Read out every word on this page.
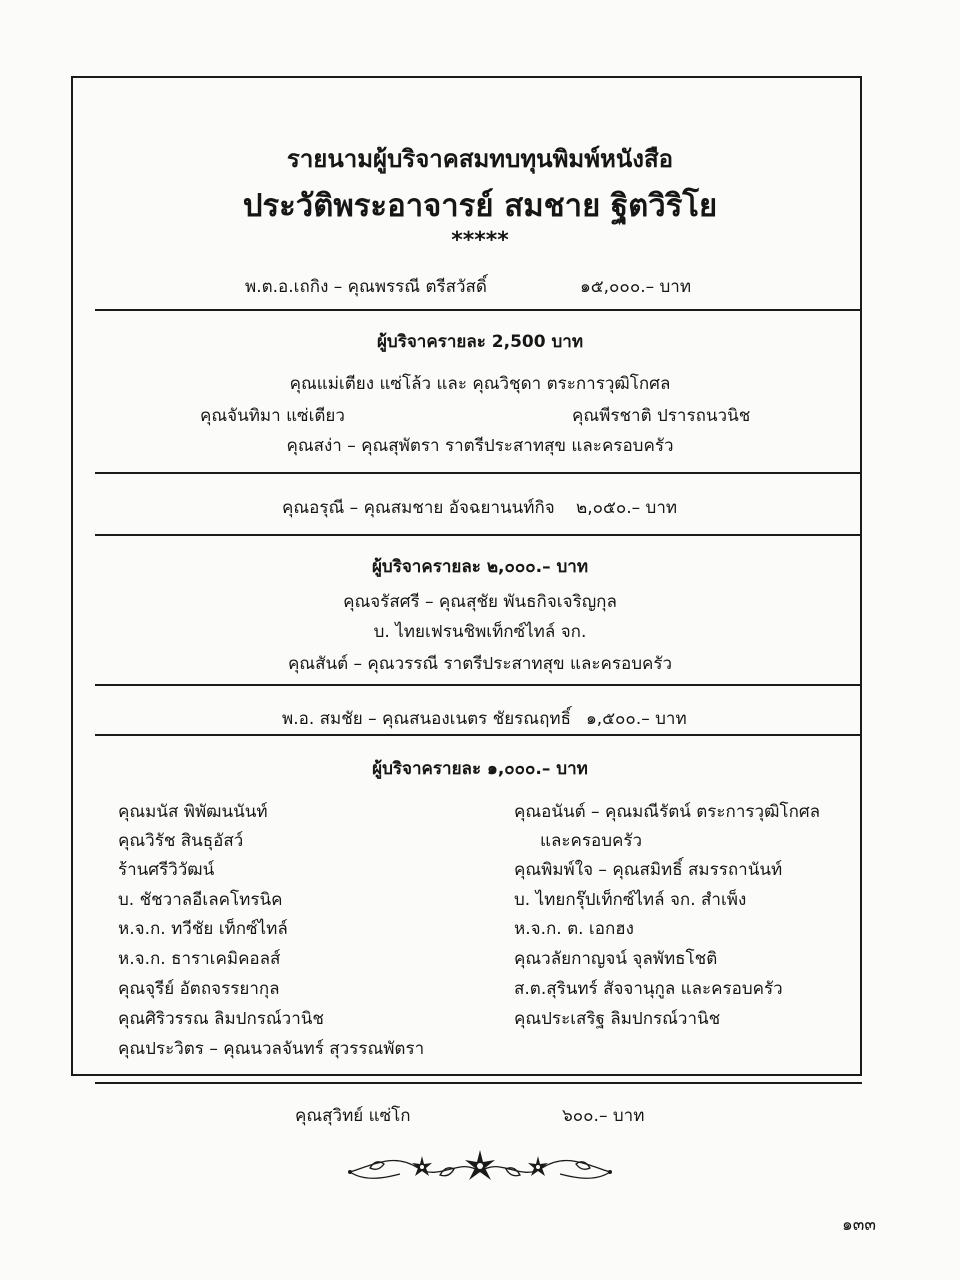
รายนามผู้บริจาคสมทบทุนพิมพ์หนังสือ
ประวัติพระอาจารย์ สมชาย ฐิตวิริโย
*****
พ.ต.อ.เถกิง – คุณพรรณี ตรีสวัสดิ์	๑๕,๐๐๐.– บาท
ผู้บริจาครายละ 2,500 บาท
คุณแม่เตียง แซ่โล้ว และ คุณวิชุดา ตระการวุฒิโกศล
คุณจันทิมา แซ่เตียว	คุณพีรชาติ ปรารถนวนิช
คุณสง่า – คุณสุพัตรา ราตรีประสาทสุข และครอบครัว
คุณอรุณี – คุณสมชาย อัจฉยานนท์กิจ ๒,๐๕๐.– บาท
ผู้บริจาครายละ ๒,๐๐๐.– บาท
คุณจรัสศรี – คุณสุชัย พันธกิจเจริญกุล
บ. ไทยเฟรนชิพเท็กซ์ไทล์ จก.
คุณสันต์ – คุณวรรณี ราตรีประสาทสุข และครอบครัว
พ.อ. สมชัย – คุณสนองเนตร ชัยรณฤทธิ์ ๑,๕๐๐.– บาท
ผู้บริจาครายละ ๑,๐๐๐.– บาท
คุณมนัส พิพัฒนนันท์
คุณวิรัช สินธุอัสว์
ร้านศรีวิวัฒน์
บ. ชัชวาลอีเลคโทรนิค
ห.จ.ก. ทวีชัย เท็กซ์ไทล์
ห.จ.ก. ธาราเคมิคอลส์
คุณจุรีย์ อัตถจรรยากุล
คุณศิริวรรณ ลิมปกรณ์วานิช
คุณประวิตร – คุณนวลจันทร์ สุวรรณพัตรา
คุณอนันต์ – คุณมณีรัตน์ ตระการวุฒิโกศล
และครอบครัว
คุณพิมพ์ใจ – คุณสมิทธิ์ สมรรถานันท์
บ. ไทยกรุ๊ปเท็กซ์ไทล์ จก. สำเพ็ง
ห.จ.ก. ต. เอกฮง
คุณวลัยกาญจน์ จุลพัทธโชติ
ส.ต.สุรินทร์ สัจจานุกูล และครอบครัว
คุณประเสริฐ ลิมปกรณ์วานิช
คุณสุวิทย์ แซ่โก	๖๐๐.– บาท
๑๓๓
